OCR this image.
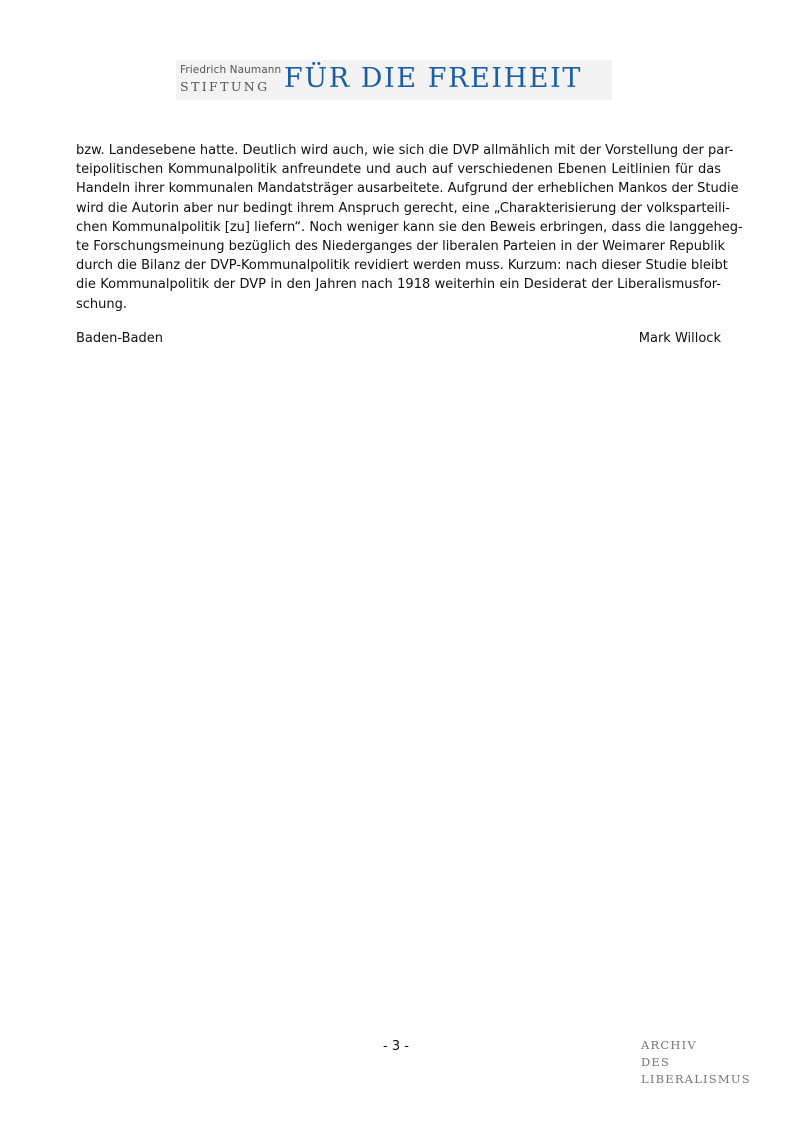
Friedrich Naumann
STIFTUNG FÜR DIE FREIHEIT

bzw. Landesebene hatte. Deutlich wird auch, wie sich die DVP allmählich mit der Vorstellung der par-
teipolitischen Kommunalpolitik anfreundete und auch auf verschiedenen Ebenen Leitlinien für das
Handeln ihrer kommunalen Mandatsträger ausarbeitete. Aufgrund der erheblichen Mankos der Studie
wird die Autorin aber nur bedingt ihrem Anspruch gerecht, eine „Charakterisierung der volksparteili-
chen Kommunalpolitik [zu] liefern“. Noch weniger kann sie den Beweis erbringen, dass die langgeheg-
te Forschungsmeinung bezüglich des Niederganges der liberalen Parteien in der Weimarer Republik
durch die Bilanz der DVP-Kommunalpolitik revidiert werden muss. Kurzum: nach dieser Studie bleibt
die Kommunalpolitik der DVP in den Jahren nach 1918 weiterhin ein Desiderat der Liberalismusfor-
schung.

Baden-Baden	Mark Willock
- 3 -	ARCHIV
DES
LIBERALISMUS
